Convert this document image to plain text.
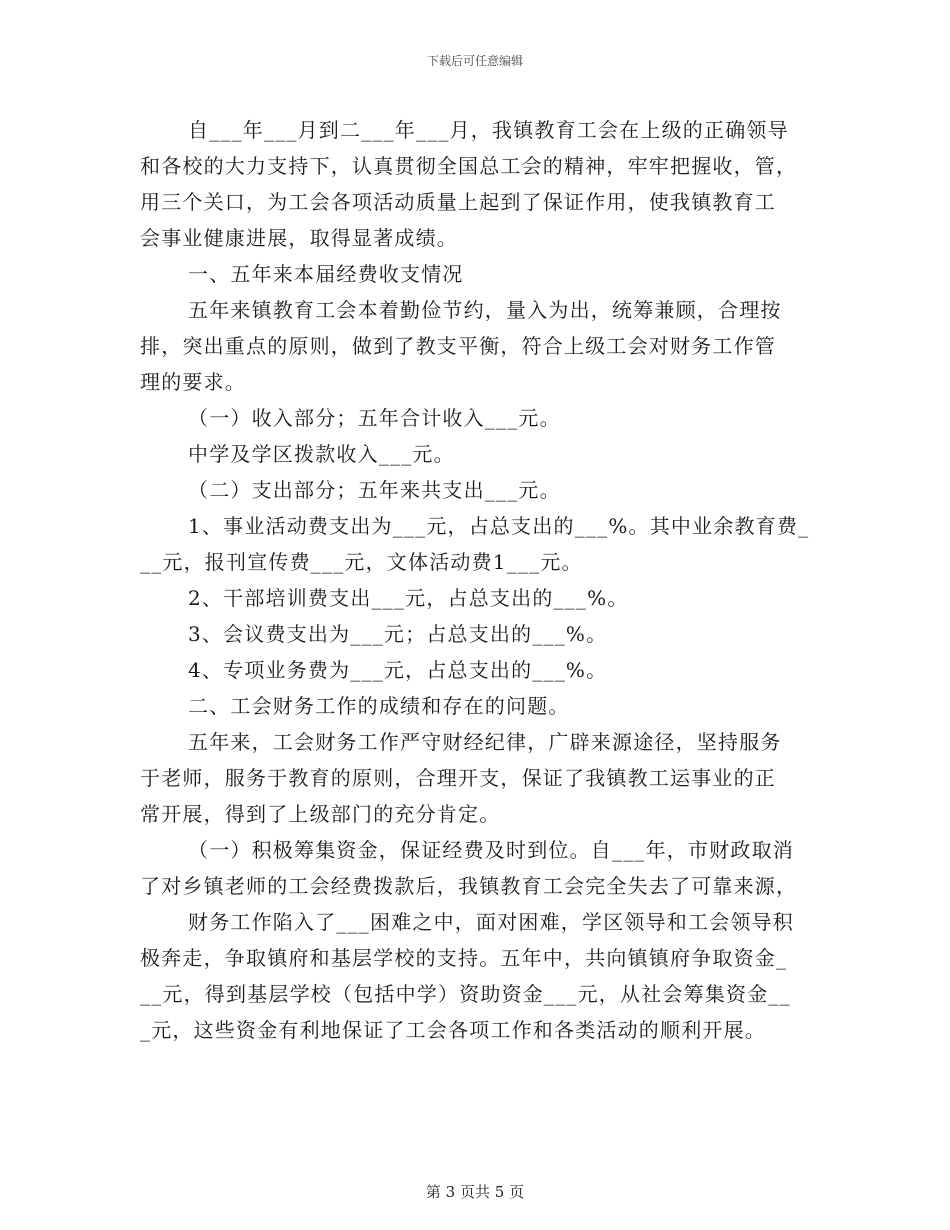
下载后可任意编辑
自___年___月到二___年___月，我镇教育工会在上级的正确领导
和各校的大力支持下，认真贯彻全国总工会的精神，牢牢把握收，管，
用三个关口，为工会各项活动质量上起到了保证作用，使我镇教育工
会事业健康进展，取得显著成绩。
一、五年来本届经费收支情况
五年来镇教育工会本着勤俭节约，量入为出，统筹兼顾，合理按
排，突出重点的原则，做到了教支平衡，符合上级工会对财务工作管
理的要求。
（一）收入部分；五年合计收入___元。
中学及学区拨款收入___元。
（二）支出部分；五年来共支出___元。
1、事业活动费支出为___元，占总支出的___%。其中业余教育费_
__元，报刊宣传费___元，文体活动费1___元。
2、干部培训费支出___元，占总支出的___%。
3、会议费支出为___元；占总支出的___%。
4、专项业务费为___元，占总支出的___%。
二、工会财务工作的成绩和存在的问题。
五年来，工会财务工作严守财经纪律，广辟来源途径，坚持服务
于老师，服务于教育的原则，合理开支，保证了我镇教工运事业的正
常开展，得到了上级部门的充分肯定。
（一）积极筹集资金，保证经费及时到位。自___年，市财政取消
了对乡镇老师的工会经费拨款后，我镇教育工会完全失去了可靠来源，
财务工作陷入了___困难之中，面对困难，学区领导和工会领导积
极奔走，争取镇府和基层学校的支持。五年中，共向镇镇府争取资金_
__元，得到基层学校（包括中学）资助资金___元，从社会筹集资金__
_元，这些资金有利地保证了工会各项工作和各类活动的顺利开展。
第 3 页共 5 页
